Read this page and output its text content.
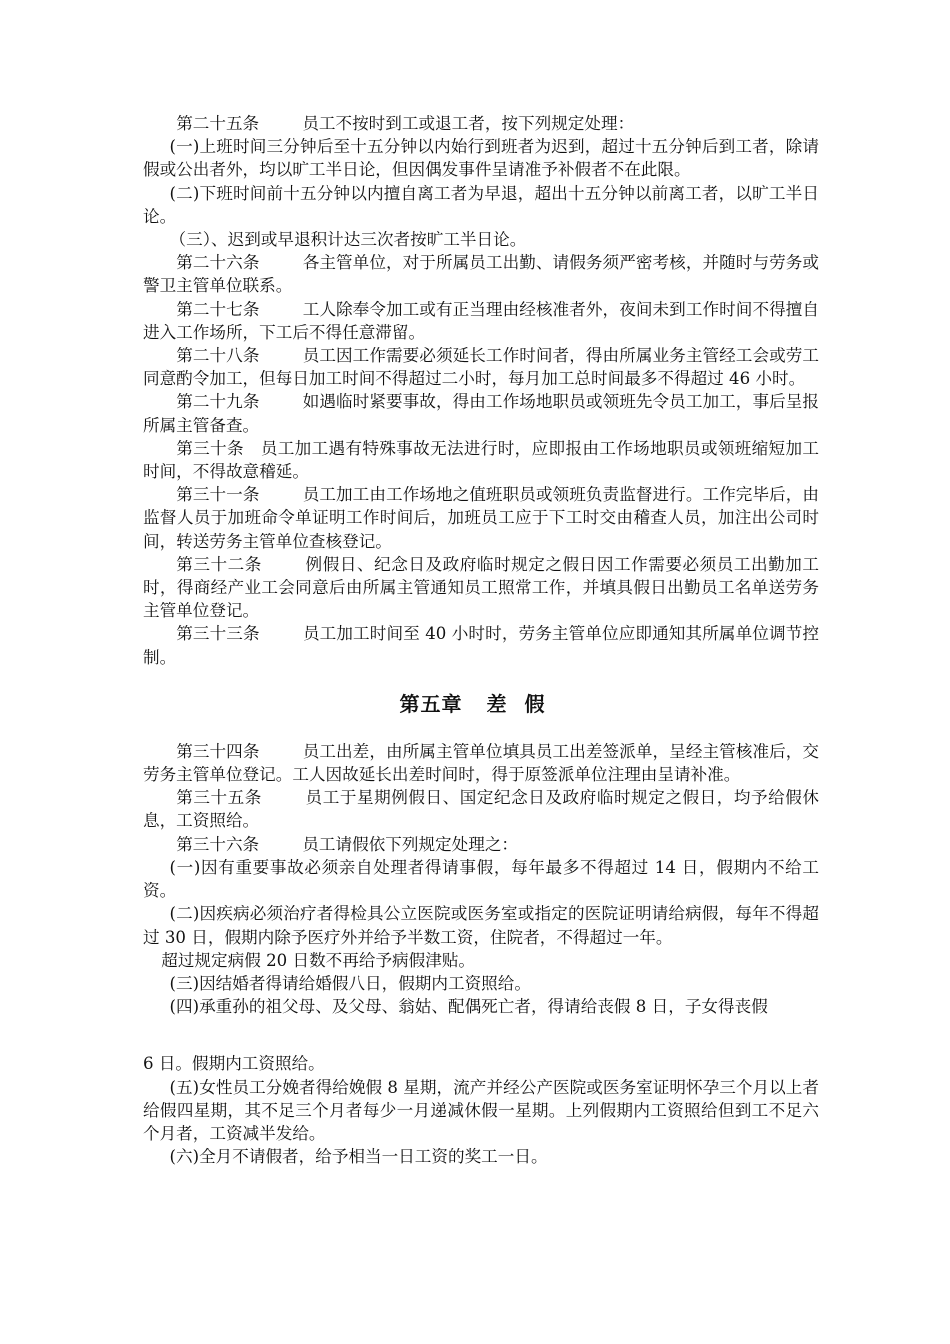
第二十五条	员工不按时到工或退工者，按下列规定处理：

(一)上班时间三分钟后至十五分钟以内始行到班者为迟到，超过十五分钟后到工者，除请假或公出者外，均以旷工半日论，但因偶发事件呈请准予补假者不在此限。

(二)下班时间前十五分钟以内擅自离工者为早退，超出十五分钟以前离工者，以旷工半日论。

（三）、迟到或早退积计达三次者按旷工半日论。

第二十六条	各主管单位，对于所属员工出勤、请假务须严密考核，并随时与劳务或警卫主管单位联系。

第二十七条	工人除奉令加工或有正当理由经核准者外，夜间未到工作时间不得擅自进入工作场所，下工后不得任意滞留。

第二十八条	员工因工作需要必须延长工作时间者，得由所属业务主管经工会或劳工同意酌令加工，但每日加工时间不得超过二小时，每月加工总时间最多不得超过 46 小时。

第二十九条	如遇临时紧要事故，得由工作场地职员或领班先令员工加工，事后呈报所属主管备查。

第三十条 员工加工遇有特殊事故无法进行时，应即报由工作场地职员或领班缩短加工时间，不得故意稽延。

第三十一条	员工加工由工作场地之值班职员或领班负责监督进行。工作完毕后，由监督人员于加班命令单证明工作时间后，加班员工应于下工时交由稽查人员，加注出公司时间，转送劳务主管单位查核登记。

第三十二条	例假日、纪念日及政府临时规定之假日因工作需要必须员工出勤加工时，得商经产业工会同意后由所属主管通知员工照常工作，并填具假日出勤员工名单送劳务主管单位登记。

第三十三条	员工加工时间至 40 小时时，劳务主管单位应即通知其所属单位调节控制。

第五章 差假

第三十四条	员工出差，由所属主管单位填具员工出差签派单，呈经主管核准后，交劳务主管单位登记。工人因故延长出差时间时，得于原签派单位注理由呈请补准。

第三十五条	员工于星期例假日、国定纪念日及政府临时规定之假日，均予给假休息，工资照给。

第三十六条	员工请假依下列规定处理之：

(一)因有重要事故必须亲自处理者得请事假，每年最多不得超过 14 日，假期内不给工资。

(二)因疾病必须治疗者得检具公立医院或医务室或指定的医院证明请给病假，每年不得超过 30 日，假期内除予医疗外并给予半数工资，住院者，不得超过一年。

超过规定病假 20 日数不再给予病假津贴。

(三)因结婚者得请给婚假八日，假期内工资照给。

(四)承重孙的祖父母、及父母、翁姑、配偶死亡者，得请给丧假 8 日，子女得丧假

6 日。假期内工资照给。

(五)女性员工分娩者得给娩假 8 星期，流产并经公产医院或医务室证明怀孕三个月以上者给假四星期，其不足三个月者每少一月递减休假一星期。上列假期内工资照给但到工不足六个月者，工资减半发给。

(六)全月不请假者，给予相当一日工资的奖工一日。
